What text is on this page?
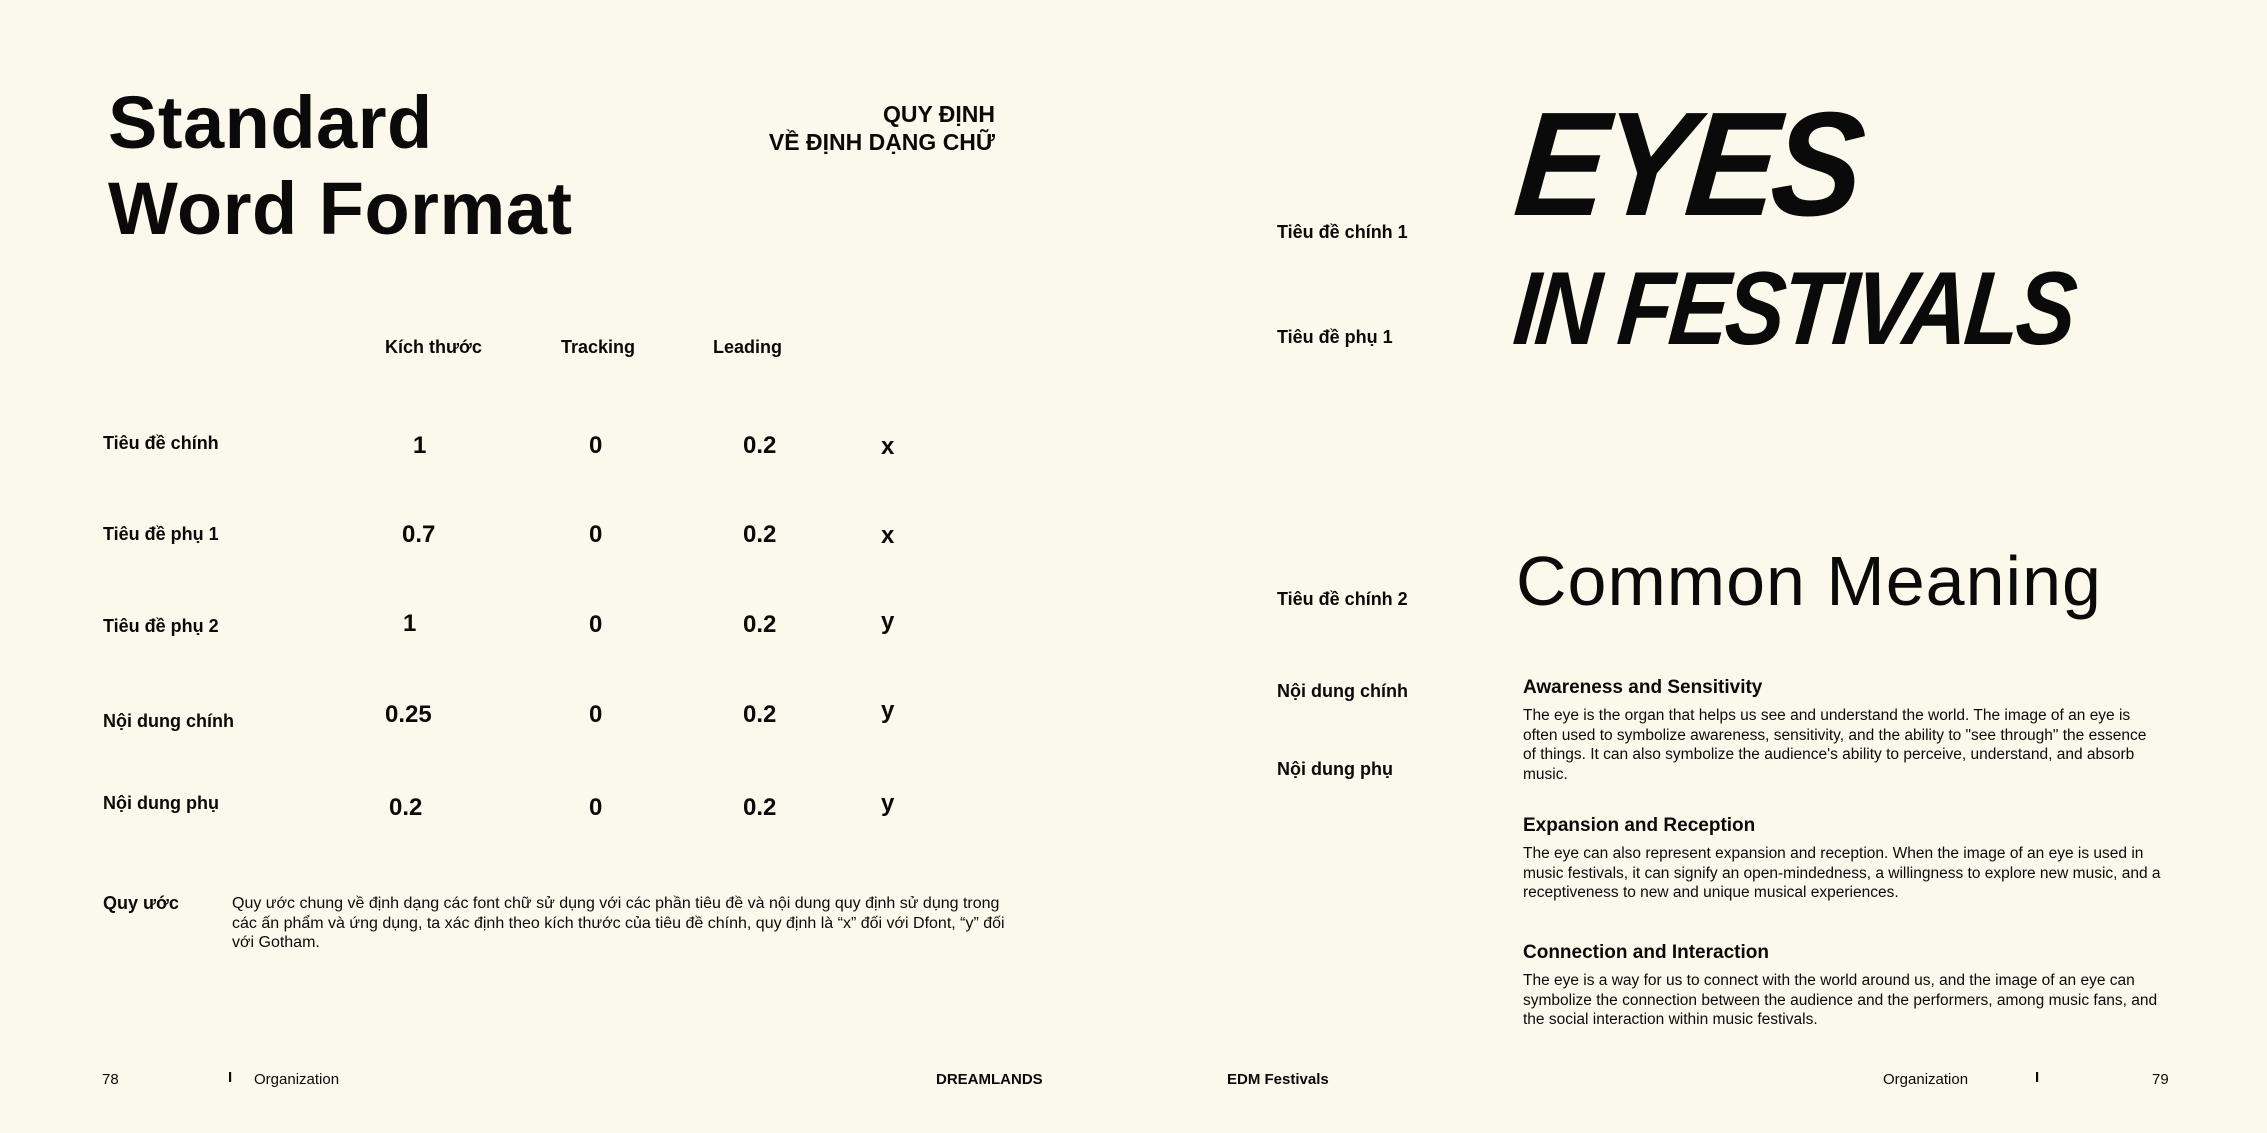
Standard
Word Format
QUY ĐỊNH
VỀ ĐỊNH DẠNG CHỮ
Kích thước	Tracking	Leading
Tiêu đề chính	1	0	0.2	x
Tiêu đề phụ 1	0.7	0	0.2	x
Tiêu đề phụ 2	1	0	0.2	y
Nội dung chính	0.25	0	0.2	y
Nội dung phụ	0.2	0	0.2	y
Quy ước	Quy ước chung về định dạng các font chữ sử dụng với các phần tiêu đề và nội dung quy định sử dụng trong các ấn phẩm và ứng dụng, ta xác định theo kích thước của tiêu đề chính, quy định là “x” đối với Dfont, “y” đối với Gotham.
78	I Organization	DREAMLANDS
Tiêu đề chính 1
Tiêu đề phụ 1
Tiêu đề chính 2
Nội dung chính
Nội dung phụ
EYES
IN FESTIVALS
Common Meaning
Awareness and Sensitivity
The eye is the organ that helps us see and understand the world. The image of an eye is often used to symbolize awareness, sensitivity, and the ability to "see through" the essence of things. It can also symbolize the audience's ability to perceive, understand, and absorb music.
Expansion and Reception
The eye can also represent expansion and reception. When the image of an eye is used in music festivals, it can signify an open-mindedness, a willingness to explore new music, and a receptiveness to new and unique musical experiences.
Connection and Interaction
The eye is a way for us to connect with the world around us, and the image of an eye can symbolize the connection between the audience and the performers, among music fans, and the social interaction within music festivals.
EDM Festivals	Organization	I	79
